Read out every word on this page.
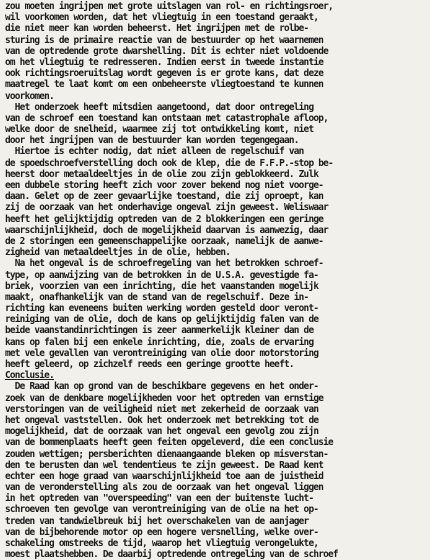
zou moeten ingrijpen met grote uitslagen van rol- en richtingsroer,
wil voorkomen worden, dat het vliegtuig in een toestand geraakt,
die niet meer kan worden beheerst. Het ingrijpen met de rolbe-
sturing is de primaire reactie van de bestuurder op het waarnemen
van de optredende grote dwarshelling. Dit is echter niet voldoende
om het vliegtuig te redresseren. Indien eerst in tweede instantie
ook richtingsroeruitslag wordt gegeven is er grote kans, dat deze
maatregel te laat komt om een onbeheerste vliegtoestand te kunnen
voorkomen.
Het onderzoek heeft mitsdien aangetoond, dat door ontregeling
van de schroef een toestand kan ontstaan met catastrophale afloop,
welke door de snelheid, waarmee zij tot ontwikkeling komt, niet
door het ingrijpen van de bestuurder kan worden tegengegaan.
Hiertoe is echter nodig, dat niet alleen de regelschuif van
de spoedschroefverstelling doch ook de klep, die de F.F.P.-stop be-
heerst door metaaldeeltjes in de olie zou zijn geblokkeerd. Zulk
een dubbele storing heeft zich voor zover bekend nog niet voorge-
daan. Gelet op de zeer gevaarlijke toestand, die zij oproept, kan
zij de oorzaak van het onderhavige ongeval zijn geweest. Weliswaar
heeft het gelijktijdig optreden van de 2 blokkeringen een geringe
waarschijnlijkheid, doch de mogelijkheid daarvan is aanwezig, daar
de 2 storingen een gemeenschappelijke oorzaak, namelijk de aanwe-
zigheid van metaaldeeltjes in de olie, hebben.
Na het ongeval is de schroefregeling van het betrokken schroef-
type, op aanwijzing van de betrokken in de U.S.A. gevestigde fa-
briek, voorzien van een inrichting, die het vaanstanden mogelijk
maakt, onafhankelijk van de stand van de regelschuif. Deze in-
richting kan eveneens buiten werking worden gesteld door veront-
reiniging van de olie, doch de kans op gelijktijdig falen van de
beide vaanstandinrichtingen is zeer aanmerkelijk kleiner dan de
kans op falen bij een enkele inrichting, die, zoals de ervaring
met vele gevallen van verontreiniging van olie door motorstoring
heeft geleerd, op zichzelf reeds een geringe grootte heeft.
Conclusie.
De Raad kan op grond van de beschikbare gegevens en het onder-
zoek van de denkbare mogelijkheden voor het optreden van ernstige
verstoringen van de veiligheid niet met zekerheid de oorzaak van
het ongeval vaststellen. Ook het onderzoek met betrekking tot de
mogelijkheid, dat de oorzaak van het ongeval een gevolg zou zijn
van de bommenplaats heeft geen feiten opgeleverd, die een conclusie
zouden wettigen; persberichten dienaangaande bleken op misverstan-
den te berusten dan wel tendentieus te zijn geweest. De Raad kent
echter een hoge graad van waarschijnlijkheid toe aan de juistheid
van de veronderstelling als zou de oorzaak van het ongeval liggen
in het optreden van "overspeeding" van een der buitenste lucht-
schroeven ten gevolge van verontreiniging van de olie na het op-
treden van tandwielbreuk bij het overschakelen van de aanjager
van de bijbehorende motor op een hogere versnelling, welke over-
schakeling omstreeks de tijd, waarop het vliegtuig verongelukte,
moest plaatshebben. De daarbij optredende ontregeling van de schroef
